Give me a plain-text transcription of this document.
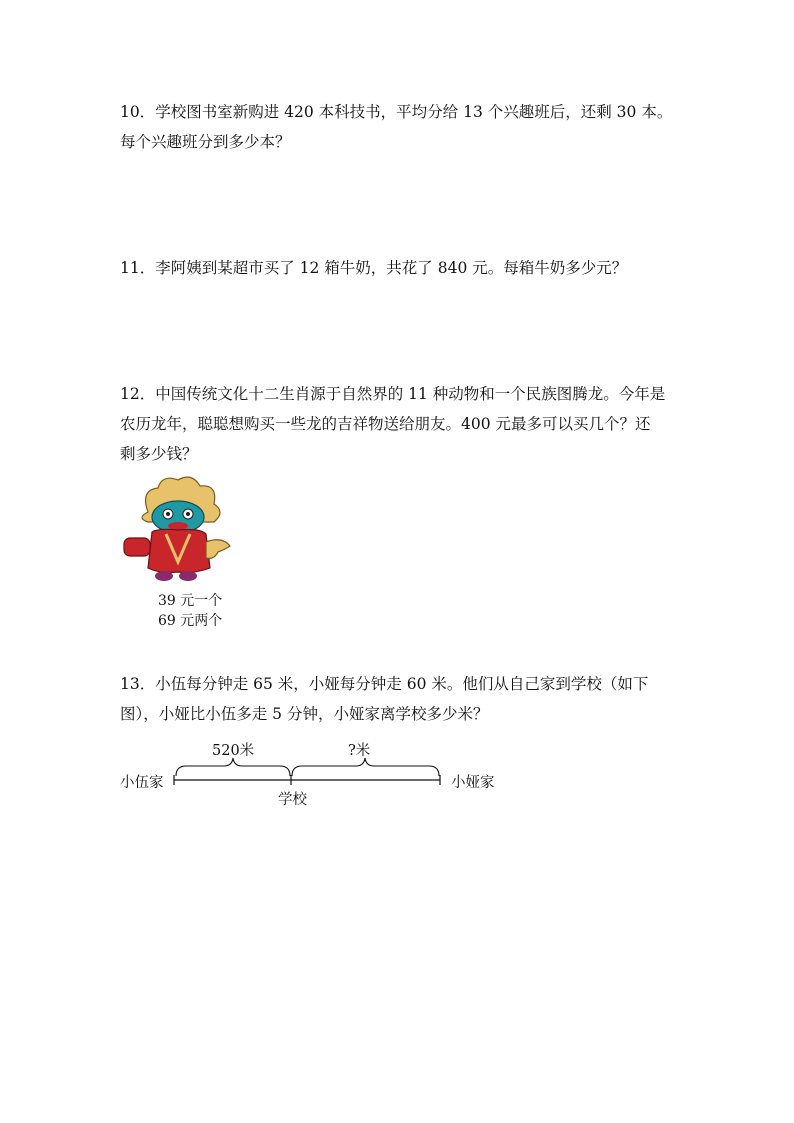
10．学校图书室新购进 420 本科技书，平均分给 13 个兴趣班后，还剩 30 本。
每个兴趣班分到多少本？
11．李阿姨到某超市买了 12 箱牛奶，共花了 840 元。每箱牛奶多少元？
12．中国传统文化十二生肖源于自然界的 11 种动物和一个民族图腾龙。今年是
农历龙年，聪聪想购买一些龙的吉祥物送给朋友。400 元最多可以买几个？还
剩多少钱？
39 元一个
69 元两个
13．小伍每分钟走 65 米，小娅每分钟走 60 米。他们从自己家到学校（如下
图），小娅比小伍多走 5 分钟，小娅家离学校多少米？
520米	?米
小伍家	小娅家
学校
